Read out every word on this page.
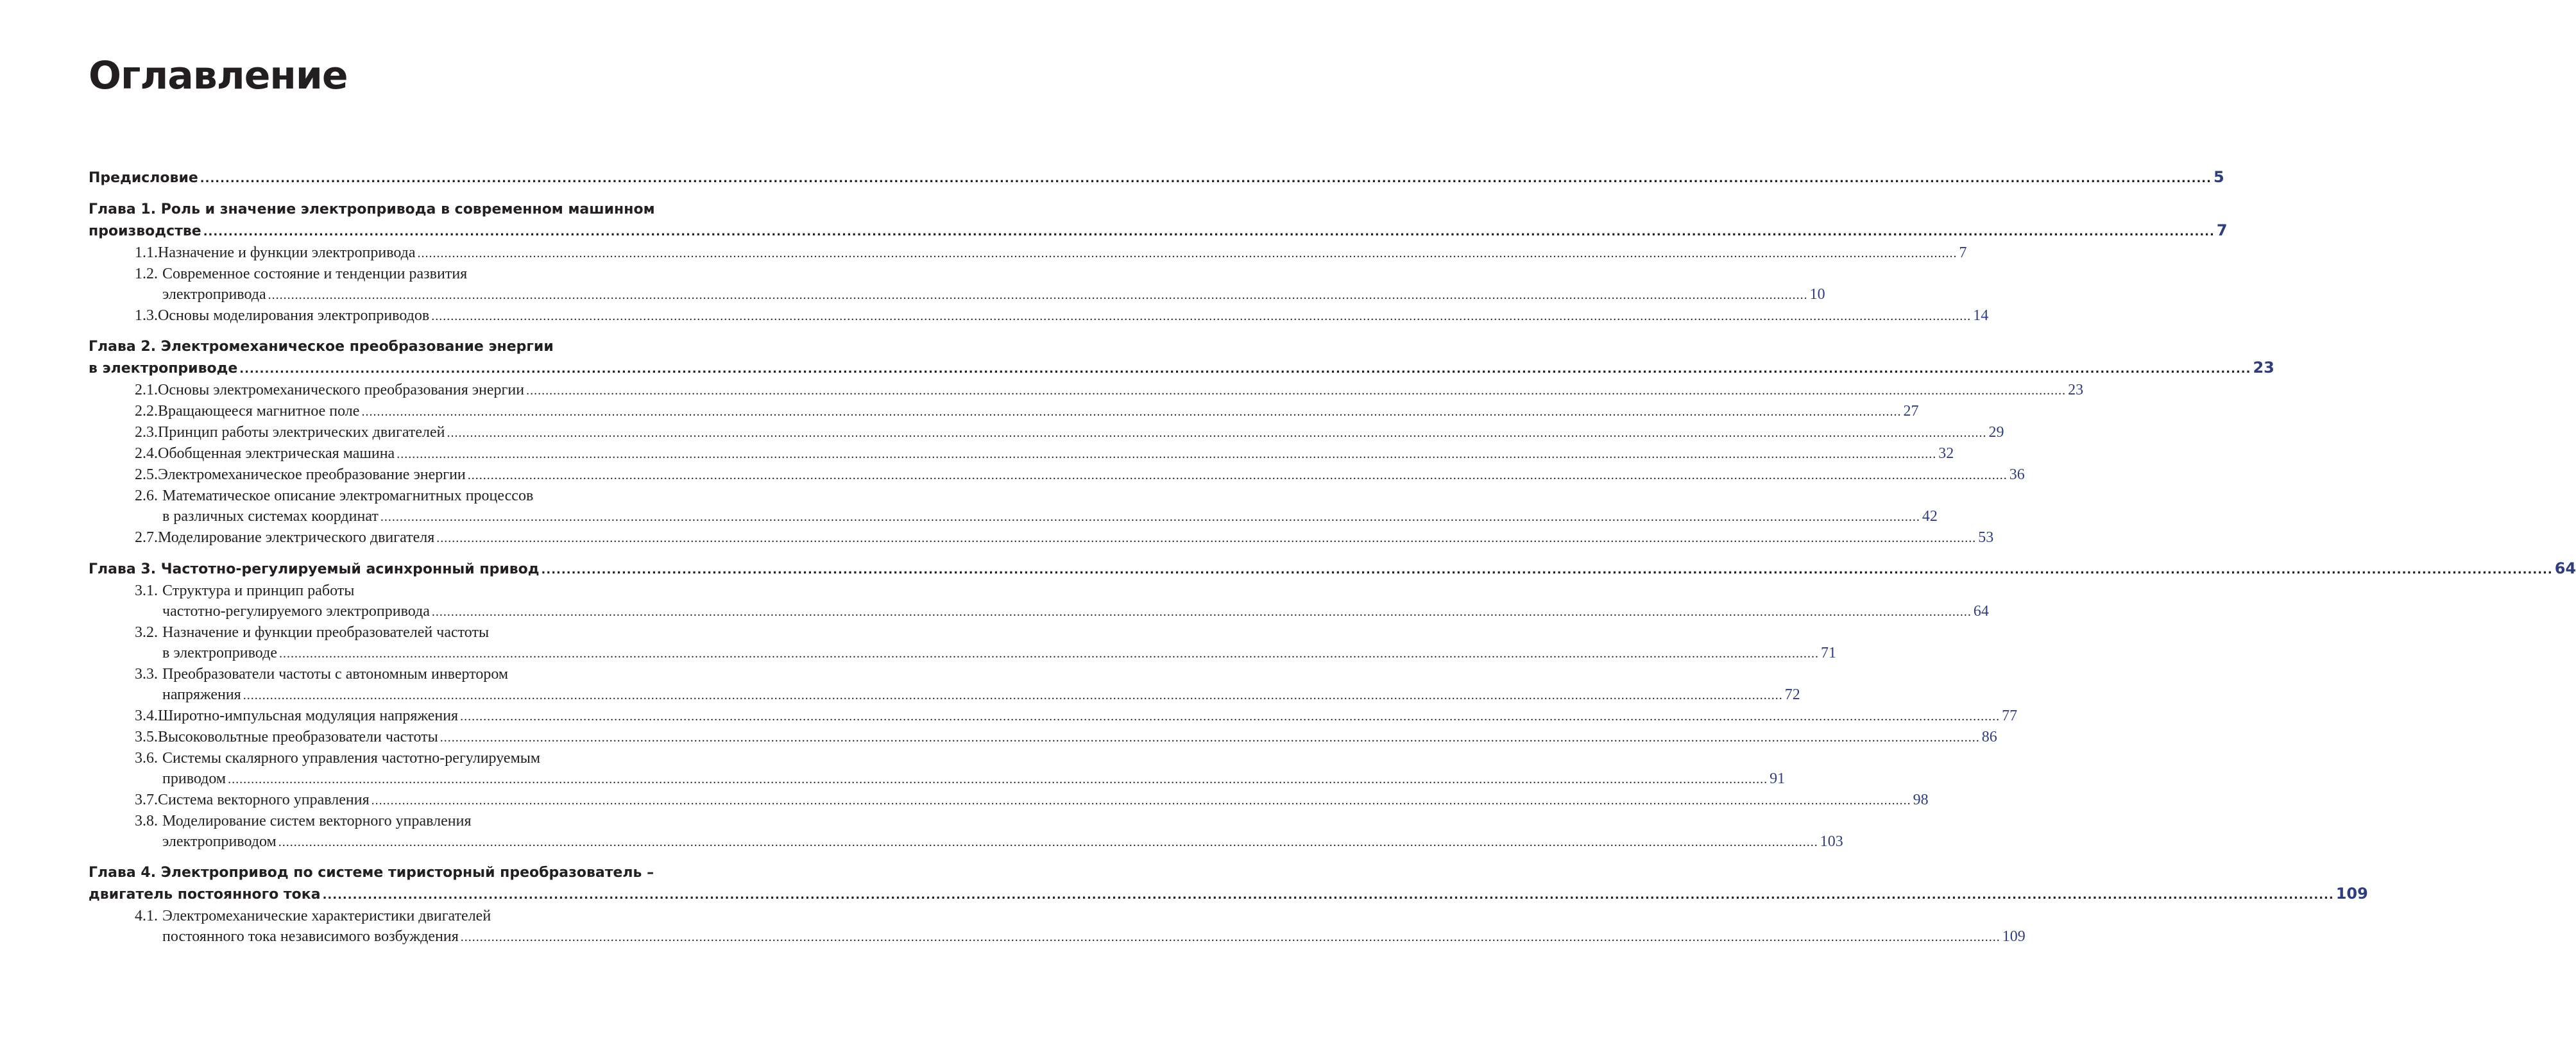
Оглавление
Предисловие ................................................................................................................................................................................................................................................................................................................................................................................................................ 5
Глава 1. Роль и значение электропривода в современном машинном
производстве ................................................................................................................................................................................................................................................................................................................................................................................................................ 7
1.1. Назначение и функции электропривода ................................................................................................................................................................................................................................................................................................................................................................................................................ 7
1.2. Современное состояние и тенденции развития
электропривода ................................................................................................................................................................................................................................................................................................................................................................................................................ 10
1.3. Основы моделирования электроприводов ................................................................................................................................................................................................................................................................................................................................................................................................................ 14
Глава 2. Электромеханическое преобразование энергии
в электроприводе ................................................................................................................................................................................................................................................................................................................................................................................................................ 23
2.1. Основы электромеханического преобразования энергии ................................................................................................................................................................................................................................................................................................................................................................................................................ 23
2.2. Вращающееся магнитное поле ................................................................................................................................................................................................................................................................................................................................................................................................................ 27
2.3. Принцип работы электрических двигателей ................................................................................................................................................................................................................................................................................................................................................................................................................ 29
2.4. Обобщенная электрическая машина ................................................................................................................................................................................................................................................................................................................................................................................................................ 32
2.5. Электромеханическое преобразование энергии ................................................................................................................................................................................................................................................................................................................................................................................................................ 36
2.6. Математическое описание электромагнитных процессов
в различных системах координат ................................................................................................................................................................................................................................................................................................................................................................................................................ 42
2.7. Моделирование электрического двигателя ................................................................................................................................................................................................................................................................................................................................................................................................................ 53
Глава 3. Частотно-регулируемый асинхронный привод ................................................................................................................................................................................................................................................................................................................................................................................................................ 64
3.1. Структура и принцип работы
частотно-регулируемого электропривода ................................................................................................................................................................................................................................................................................................................................................................................................................ 64
3.2. Назначение и функции преобразователей частоты
в электроприводе ................................................................................................................................................................................................................................................................................................................................................................................................................ 71
3.3. Преобразователи частоты с автономным инвертором
напряжения ................................................................................................................................................................................................................................................................................................................................................................................................................ 72
3.4. Широтно-импульсная модуляция напряжения ................................................................................................................................................................................................................................................................................................................................................................................................................ 77
3.5. Высоковольтные преобразователи частоты ................................................................................................................................................................................................................................................................................................................................................................................................................ 86
3.6. Системы скалярного управления частотно-регулируемым
приводом ................................................................................................................................................................................................................................................................................................................................................................................................................ 91
3.7. Система векторного управления ................................................................................................................................................................................................................................................................................................................................................................................................................ 98
3.8. Моделирование систем векторного управления
электроприводом ................................................................................................................................................................................................................................................................................................................................................................................................................ 103
Глава 4. Электропривод по системе тиристорный преобразователь –
двигатель постоянного тока ................................................................................................................................................................................................................................................................................................................................................................................................................ 109
4.1. Электромеханические характеристики двигателей
постоянного тока независимого возбуждения ................................................................................................................................................................................................................................................................................................................................................................................................................ 109
